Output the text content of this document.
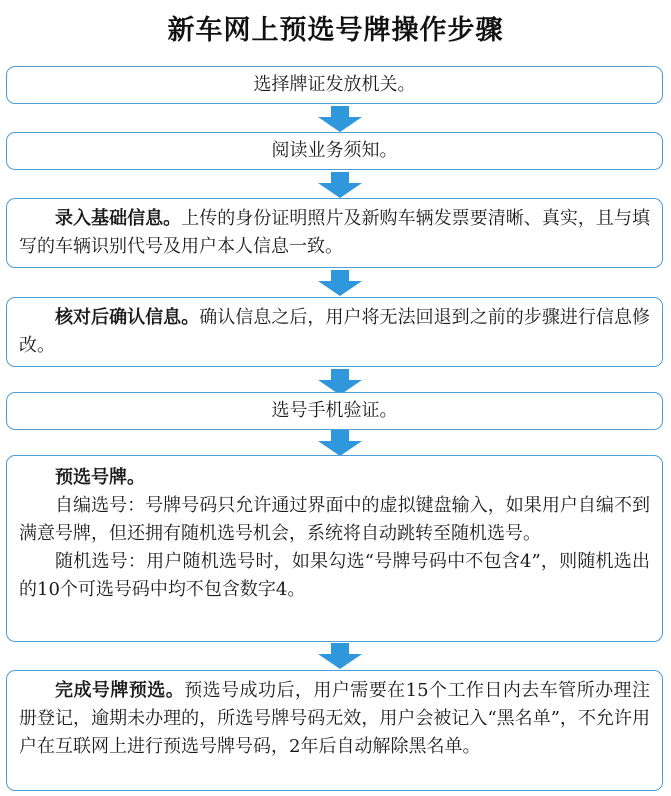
新车网上预选号牌操作步骤
选择牌证发放机关。
阅读业务须知。
录入基础信息。上传的身份证明照片及新购车辆发票要清晰、真实，且与填写的车辆识别代号及用户本人信息一致。
核对后确认信息。确认信息之后，用户将无法回退到之前的步骤进行信息修改。
选号手机验证。
预选号牌。
自编选号：号牌号码只允许通过界面中的虚拟键盘输入，如果用户自编不到满意号牌，但还拥有随机选号机会，系统将自动跳转至随机选号。
随机选号：用户随机选号时，如果勾选“号牌号码中不包含4”，则随机选出的10个可选号码中均不包含数字4。
完成号牌预选。预选号成功后，用户需要在15个工作日内去车管所办理注册登记，逾期未办理的，所选号牌号码无效，用户会被记入“黑名单”，不允许用户在互联网上进行预选号牌号码，2年后自动解除黑名单。
